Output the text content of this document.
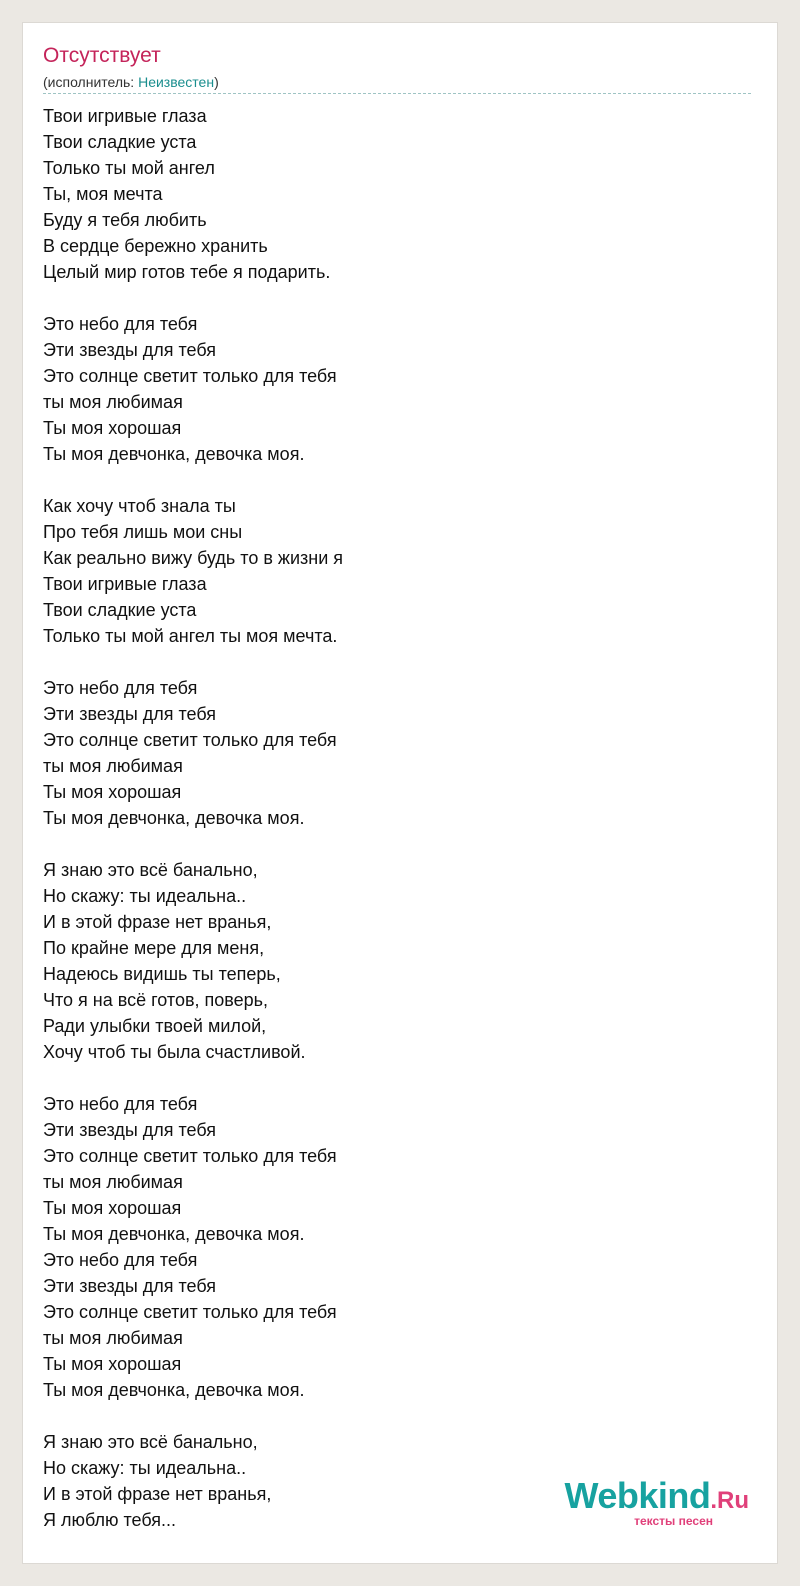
Отсутствует
(исполнитель: Неизвестен)
Твои игривые глаза
Твои сладкие уста
Только ты мой ангел
Ты, моя мечта
Буду я тебя любить
В сердце бережно хранить
Целый мир готов тебе я подарить.
Это небо для тебя
Эти звезды для тебя
Это солнце светит только для тебя
ты моя любимая
Ты моя хорошая
Ты моя девчонка, девочка моя.
Как хочу чтоб знала ты
Про тебя лишь мои сны
Как реально вижу будь то в жизни я
Твои игривые глаза
Твои сладкие уста
Только ты мой ангел ты моя мечта.
Это небо для тебя
Эти звезды для тебя
Это солнце светит только для тебя
ты моя любимая
Ты моя хорошая
Ты моя девчонка, девочка моя.
Я знаю это всё банально,
Но скажу: ты идеальна..
И в этой фразе нет вранья,
По крайне мере для меня,
Надеюсь видишь ты теперь,
Что я на всё готов, поверь,
Ради улыбки твоей милой,
Хочу чтоб ты была счастливой.
Это небо для тебя
Эти звезды для тебя
Это солнце светит только для тебя
ты моя любимая
Ты моя хорошая
Ты моя девчонка, девочка моя.
Это небо для тебя
Эти звезды для тебя
Это солнце светит только для тебя
ты моя любимая
Ты моя хорошая
Ты моя девчонка, девочка моя.
Я знаю это всё банально,
Но скажу: ты идеальна..
И в этой фразе нет вранья,
Я люблю тебя...
Webkind.Ru
тексты песен
